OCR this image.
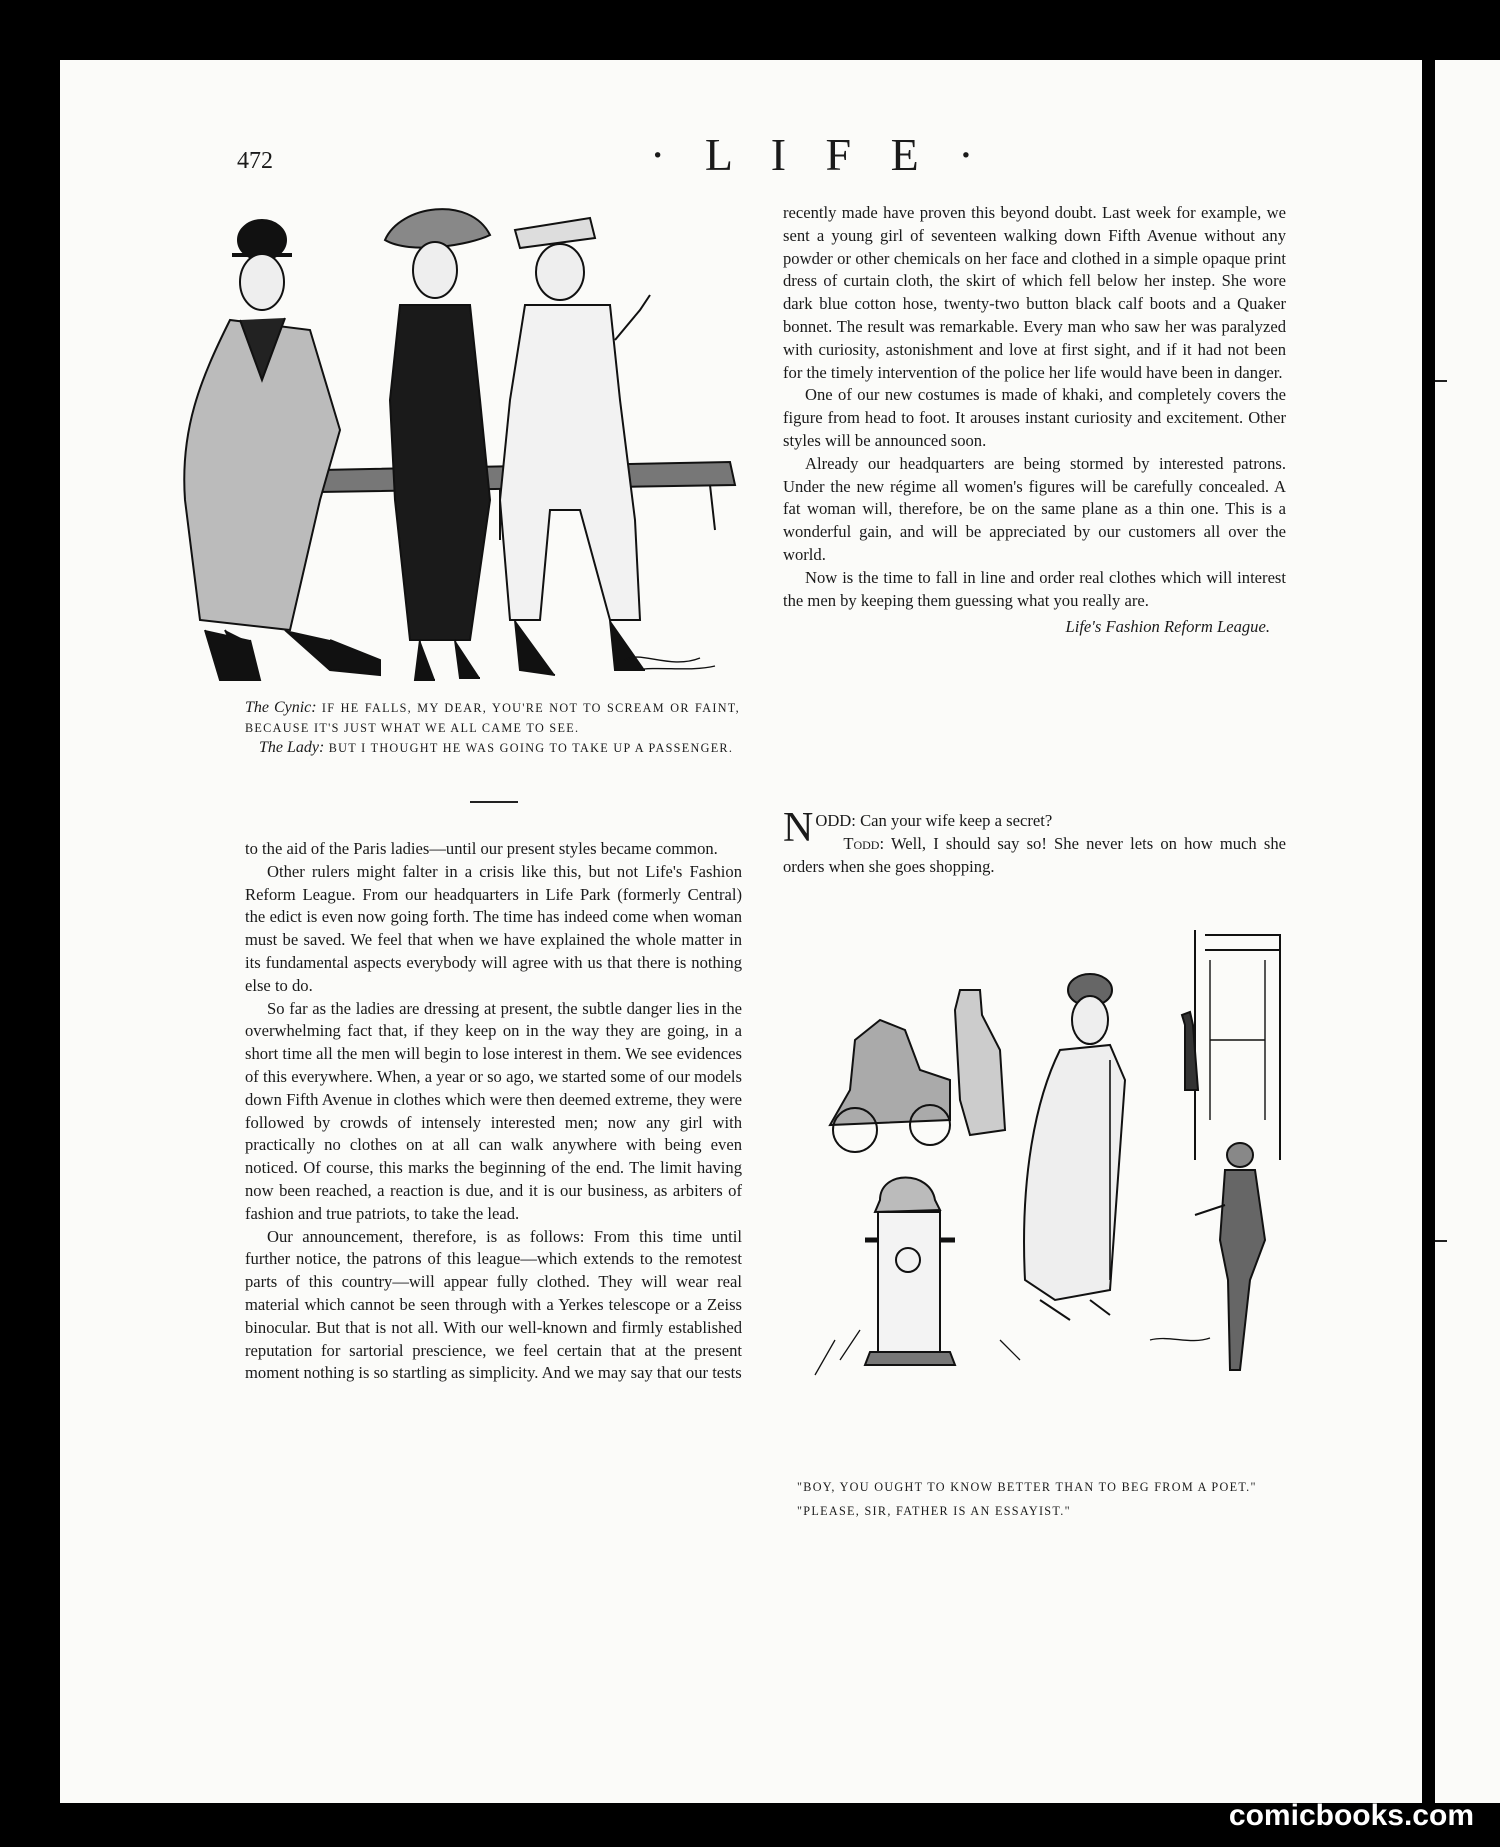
472	· L I F E ·
The Cynic: IF HE FALLS, MY DEAR, YOU'RE NOT TO SCREAM OR FAINT, BECAUSE IT'S JUST WHAT WE ALL CAME TO SEE.
The Lady: BUT I THOUGHT HE WAS GOING TO TAKE UP A PASSENGER.

to the aid of the Paris ladies—until our present styles became common.

Other rulers might falter in a crisis like this, but not Life's Fashion Reform League. From our headquarters in Life Park (formerly Central) the edict is even now going forth. The time has indeed come when woman must be saved. We feel that when we have explained the whole matter in its fundamental aspects everybody will agree with us that there is nothing else to do.

So far as the ladies are dressing at present, the subtle danger lies in the overwhelming fact that, if they keep on in the way they are going, in a short time all the men will begin to lose interest in them. We see evidences of this everywhere. When, a year or so ago, we started some of our models down Fifth Avenue in clothes which were then deemed extreme, they were followed by crowds of intensely interested men; now any girl with practically no clothes on at all can walk anywhere with being even noticed. Of course, this marks the beginning of the end. The limit having now been reached, a reaction is due, and it is our business, as arbiters of fashion and true patriots, to take the lead.

Our announcement, therefore, is as follows: From this time until further notice, the patrons of this league—which extends to the remotest parts of this country—will appear fully clothed. They will wear real material which cannot be seen through with a Yerkes telescope or a Zeiss binocular. But that is not all. With our well-known and firmly established reputation for sartorial prescience, we feel certain that at the present moment nothing is so startling as simplicity. And we may say that our tests

recently made have proven this beyond doubt. Last week for example, we sent a young girl of seventeen walking down Fifth Avenue without any powder or other chemicals on her face and clothed in a simple opaque print dress of curtain cloth, the skirt of which fell below her instep. She wore dark blue cotton hose, twenty-two button black calf boots and a Quaker bonnet. The result was remarkable. Every man who saw her was paralyzed with curiosity, astonishment and love at first sight, and if it had not been for the timely intervention of the police her life would have been in danger.

One of our new costumes is made of khaki, and completely covers the figure from head to foot. It arouses instant curiosity and excitement. Other styles will be announced soon.

Already our headquarters are being stormed by interested patrons. Under the new régime all women's figures will be carefully concealed. A fat woman will, therefore, be on the same plane as a thin one. This is a wonderful gain, and will be appreciated by our customers all over the world.

Now is the time to fall in line and order real clothes which will interest the men by keeping them guessing what you really are.

Life's Fashion Reform League.
N ODD: Can your wife keep a secret?
Todd: Well, I should say so! She never lets on how much she orders when she goes shopping.
"BOY, YOU OUGHT TO KNOW BETTER THAN TO BEG FROM A POET."
"PLEASE, SIR, FATHER IS AN ESSAYIST."
comicbooks.com
